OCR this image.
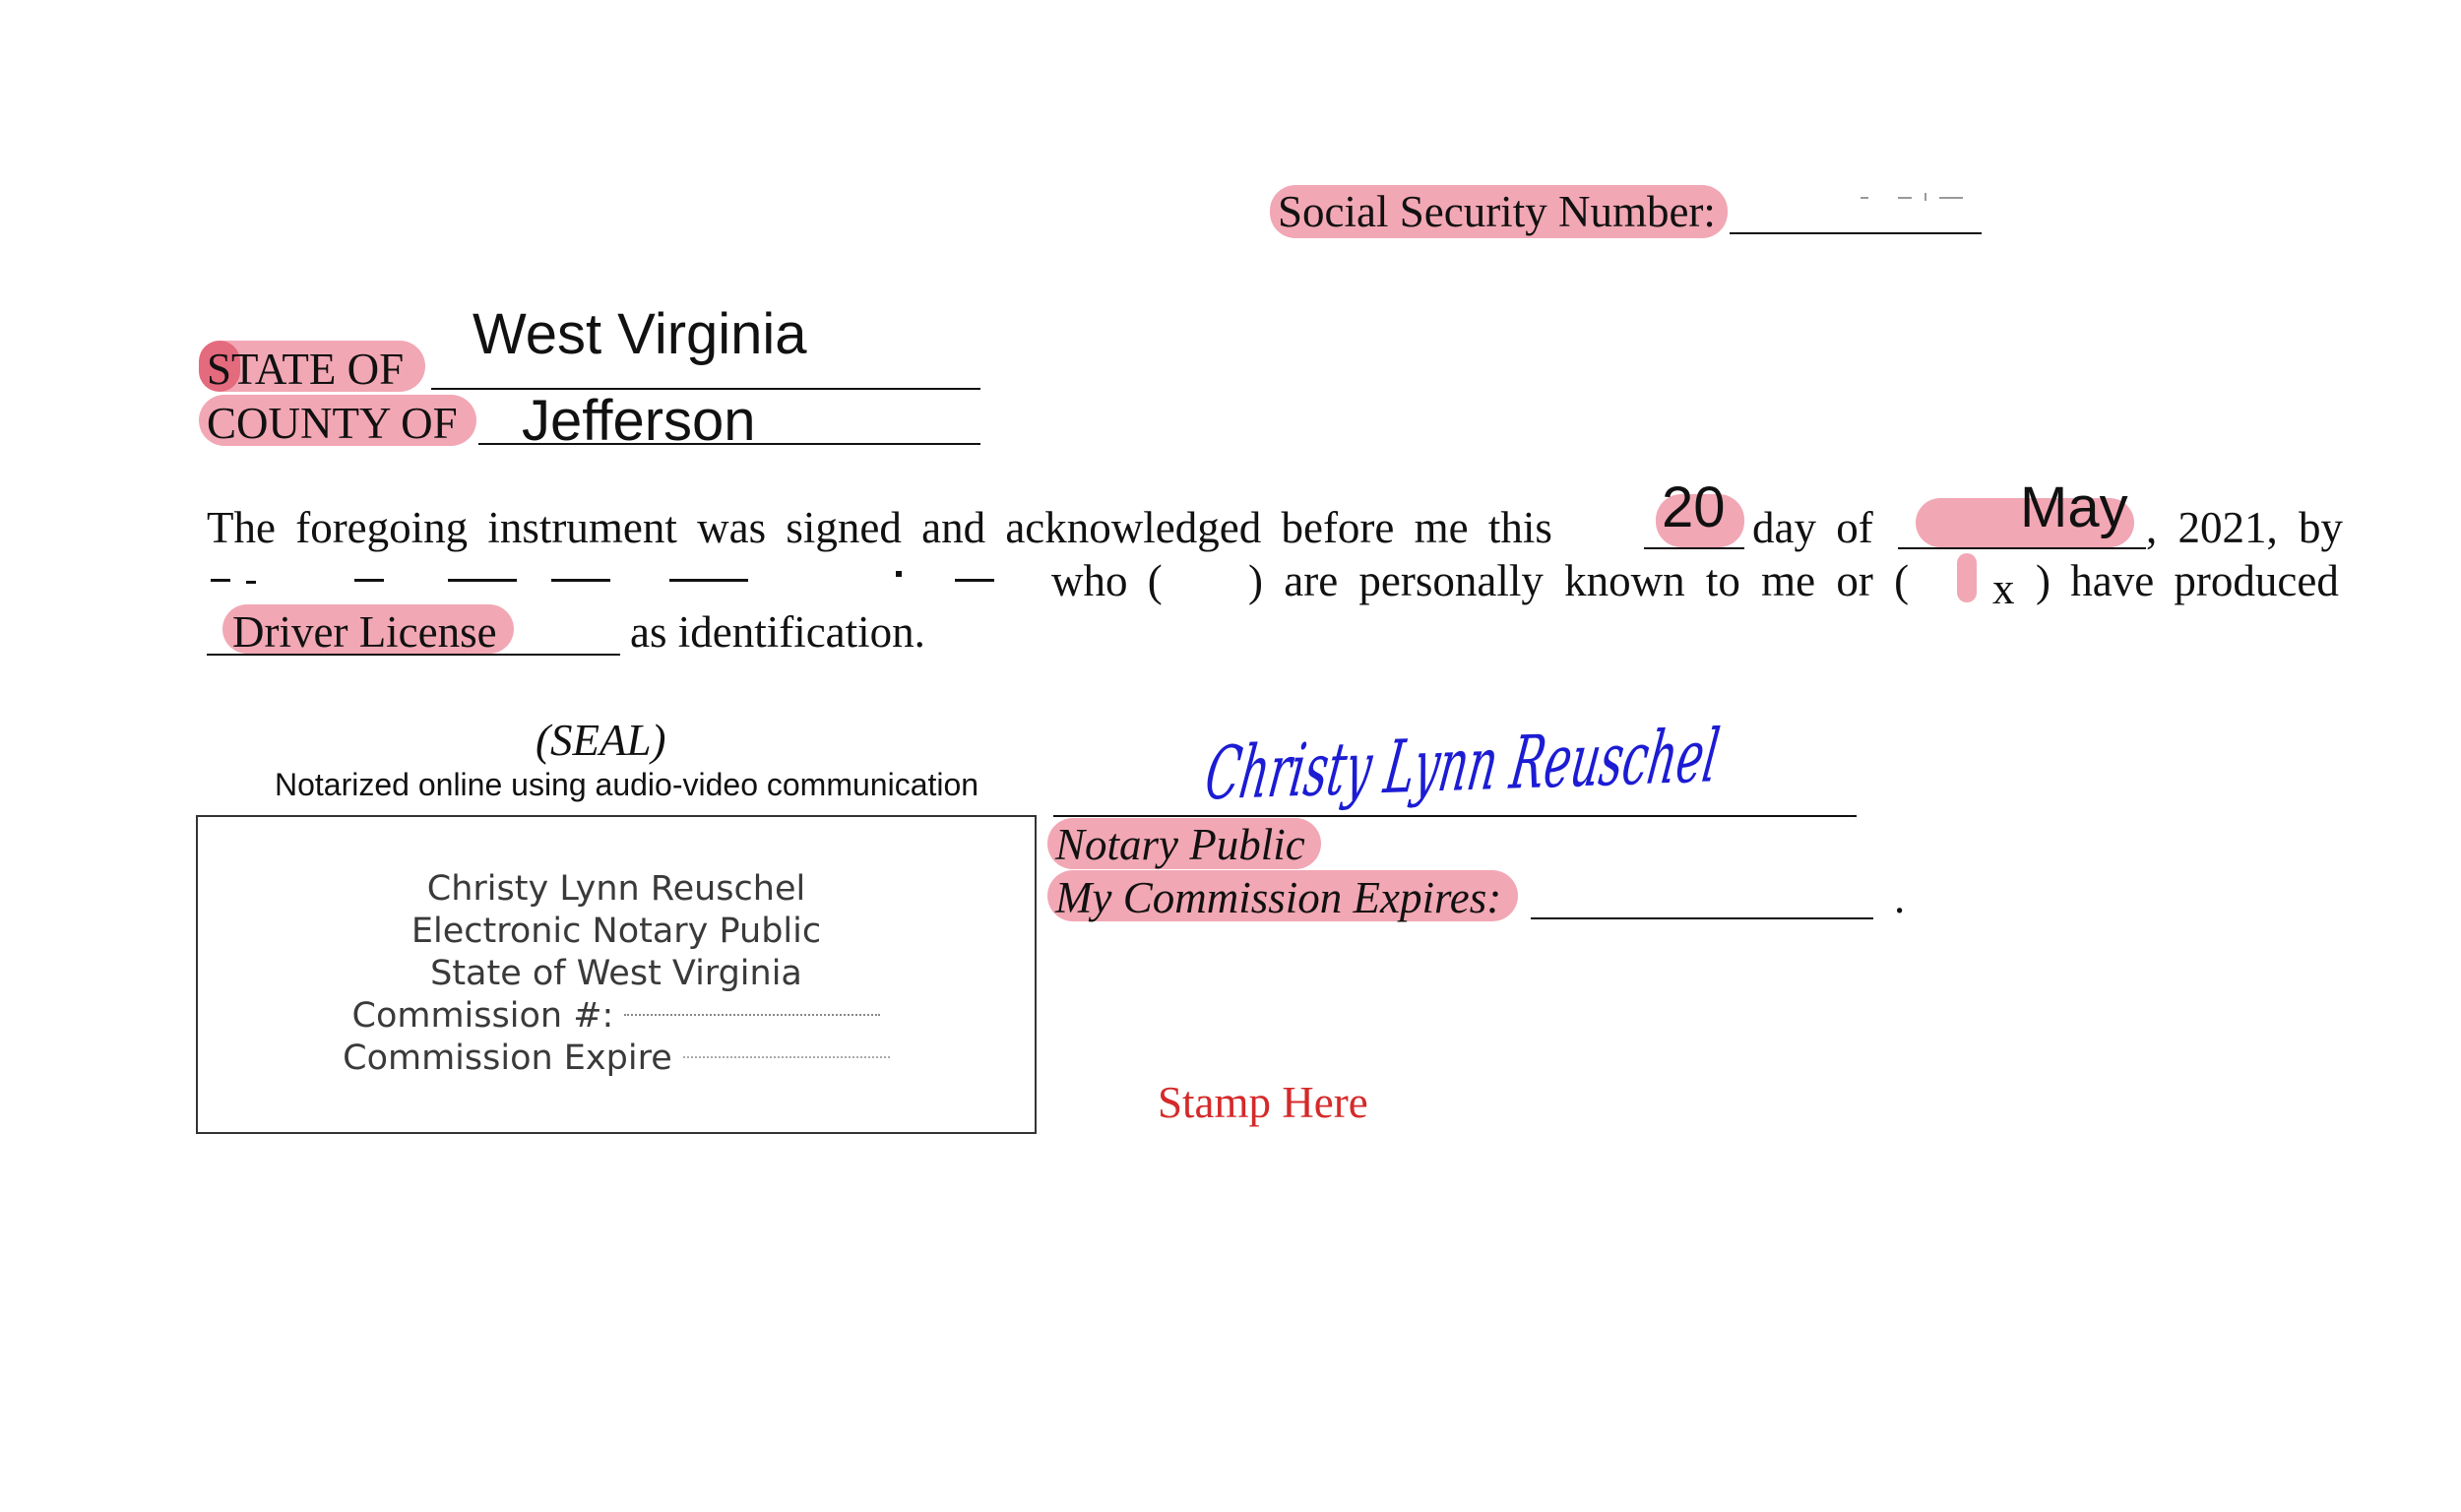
Social Security Number:
STATE OF
West Virginia
COUNTY OF Jefferson
The foregoing instrument was signed and acknowledged before me this 20 day of	May , 2021, by
who ( ) are personally known to me or ( x ) have produced
Driver License	as identification.
(SEAL)
Notarized online using audio-video communication
Christy Lynn Reuschel
Electronic Notary Public
State of West Virginia
Commission #:
Commission Expire
Christy Lynn Reuschel
Notary Public
My Commission Expires:	.
Stamp Here
